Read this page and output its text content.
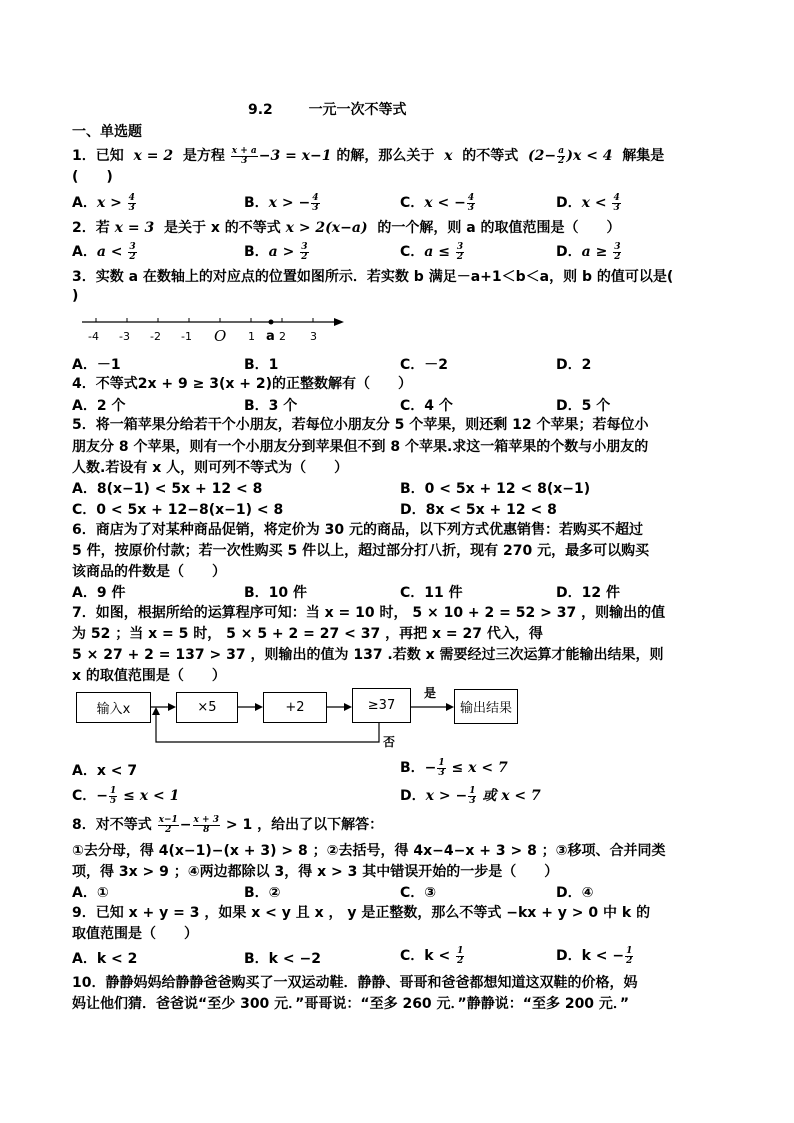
9.2	一元一次不等式
一、单选题
1．已知  x = 2  是方程 $\frac{x + a}{3} -3 = x-1$ 的解，那么关于  x  的不等式  $(2- \frac{a}{2} )x < 4$  解集是
(　　)
A．$x > \frac{4}{3}$	B．x > − $\frac{4}{3}$	C．x < − $\frac{4}{3}$	D．$x < \frac{4}{3}$
2．若 x = 3  是关于 x 的不等式 x > 2(x−a)  的一个解，则 a 的取值范围是（　　）
A．$a < \frac{3}{2}$	B．$a > \frac{3}{2}$	C．$a \le \frac{3}{2}$	D．$a \ge \frac{3}{2}$
3．实数 a 在数轴上的对应点的位置如图所示．若实数 b 满足－a+1＜b＜a，则 b 的值可以是(
)
-4 -3 -2 -1 O 1 a 2 3
A．－1	B．1	C．－2	D．2
4．不等式2x + 9 ≥ 3(x + 2)的正整数解有（　　）
A．2 个	B．3 个	C．4 个	D．5 个
5．将一箱苹果分给若干个小朋友，若每位小朋友分 5 个苹果，则还剩 12 个苹果；若每位小
朋友分 8 个苹果，则有一个小朋友分到苹果但不到 8 个苹果.求这一箱苹果的个数与小朋友的
人数.若设有 x 人，则可列不等式为（　　）
A．8(x−1) < 5x + 12 < 8	B．0 < 5x + 12 < 8(x−1)
C．0 < 5x + 12−8(x−1) < 8	D．8x < 5x + 12 < 8
6．商店为了对某种商品促销，将定价为 30 元的商品，以下列方式优惠销售：若购买不超过
5 件，按原价付款；若一次性购买 5 件以上，超过部分打八折，现有 270 元，最多可以购买
该商品的件数是（　　）
A．9 件	B．10 件	C．11 件	D．12 件
7．如图，根据所给的运算程序可知：当 x = 10 时， 5 × 10 + 2 = 52 > 37 ，则输出的值
为 52 ；当 x = 5 时， 5 × 5 + 2 = 27 < 37 ，再把 x = 27 代入，得
5 × 27 + 2 = 137 > 37 ，则输出的值为 137 .若数 x 需要经过三次运算才能输出结果，则
x 的取值范围是（　　）
输入x	×5	+2	≥37	输出结果
是
否
A．x < 7	B．− $\frac{1}{3} \le x < 7$
C．− $\frac{1}{5} \le x < 1$	D．x > − $\frac{1}{3}$ 或 x < 7
8．对不等式 $\frac{x-1}{2} - \frac{x + 3}{8} > 1$ ，给出了以下解答：
①去分母，得 4(x−1)−(x + 3) > 8 ；②去括号，得 4x−4−x + 3 > 8 ；③移项、合并同类
项，得 3x > 9 ；④两边都除以 3，得 x > 3 其中错误开始的一步是（　　）
A．①	B．②	C．③	D．④
9．已知 x + y = 3 ，如果 x < y 且 x ， y 是正整数，那么不等式 −kx + y > 0 中 k 的
取值范围是（　　）
A．k < 2	B．k < −2	C．$k < \frac{1}{2}$	D．k < − $\frac{1}{2}$
10．静静妈妈给静静爸爸购买了一双运动鞋．静静、哥哥和爸爸都想知道这双鞋的价格，妈
妈让他们猜．爸爸说“至少 300 元．”哥哥说：“至多 260 元．”静静说：“至多 200 元．”
